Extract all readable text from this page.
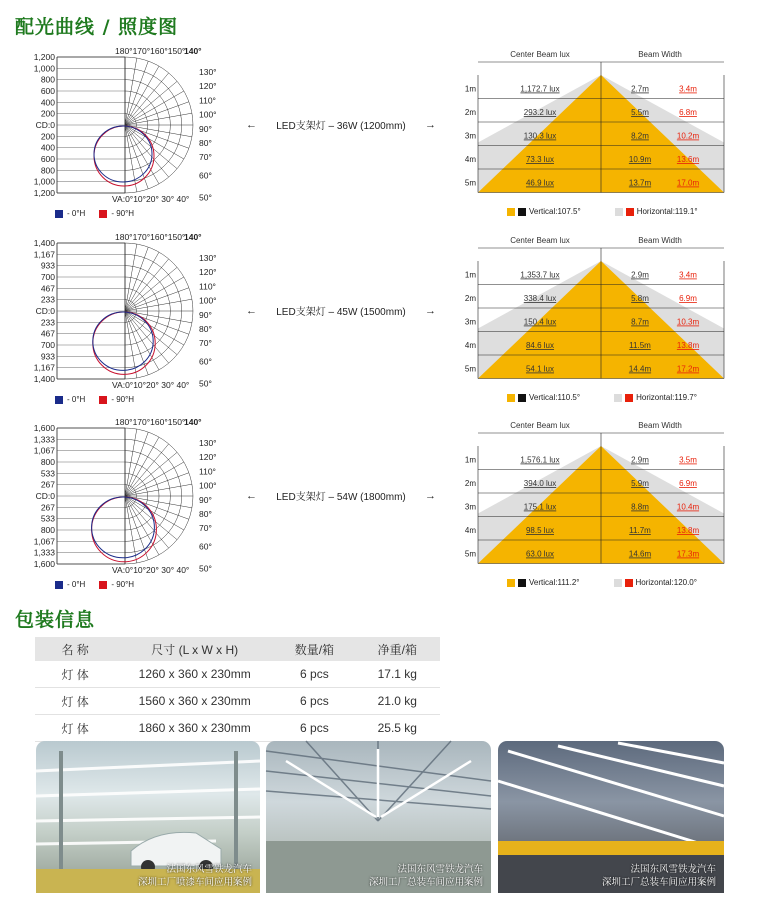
配光曲线 / 照度图
180°170°160°150°
140°
1,200
1,000
800
600
400
200
CD:0
200
400
600
800
1,000
1,200
130°
120°
110°
100°
90°
80°
70°
60°
50°
VA:0°10°20° 30° 40°
- 0°H	- 90°H
← LED支架灯 – 36W (1200mm) →
Center Beam lux	Beam Width
1m	1,172.7 lux	2.7m	3.4m
2m	293.2 lux	5.5m	6.8m
3m	130.3 lux	8.2m	10.2m
4m	73.3 lux	10.9m	13.6m
5m	46.9 lux	13.7m	17.0m
Vertical:107.5°	Horizontal:119.1°
180°170°160°150°
140°
1,400
1,167
933
700
467
233
CD:0
233
467
700
933
1,167
1,400
130°
120°
110°
100°
90°
80°
70°
60°
50°
VA:0°10°20° 30° 40°
- 0°H	- 90°H
← LED支架灯 – 45W (1500mm) →
Center Beam lux	Beam Width
1m	1,353.7 lux	2.9m	3.4m
2m	338.4 lux	5.8m	6.9m
3m	150.4 lux	8.7m	10.3m
4m	84.6 lux	11.5m	13.8m
5m	54.1 lux	14.4m	17.2m
Vertical:110.5°	Horizontal:119.7°
180°170°160°150°
140°
1,600
1,333
1,067
800
533
267
CD:0
267
533
800
1,067
1,333
1,600
130°
120°
110°
100°
90°
80°
70°
60°
50°
VA:0°10°20° 30° 40°
- 0°H	- 90°H
← LED支架灯 – 54W (1800mm) →
Center Beam lux	Beam Width
1m	1,576.1 lux	2.9m	3.5m
2m	394.0 lux	5.9m	6.9m
3m	175.1 lux	8.8m	10.4m
4m	98.5 lux	11.7m	13.8m
5m	63.0 lux	14.6m	17.3m
Vertical:111.2°	Horizontal:120.0°
包装信息
名 称	尺寸 (L x W x H)	数量/箱	净重/箱
灯 体	1260 x 360 x 230mm	6 pcs	17.1 kg
灯 体	1560 x 360 x 230mm	6 pcs	21.0 kg
灯 体	1860 x 360 x 230mm	6 pcs	25.5 kg
法国东风雪铁龙汽车
深圳工厂喷漆车间应用案例
法国东风雪铁龙汽车
深圳工厂总装车间应用案例
法国东风雪铁龙汽车
深圳工厂总装车间应用案例
